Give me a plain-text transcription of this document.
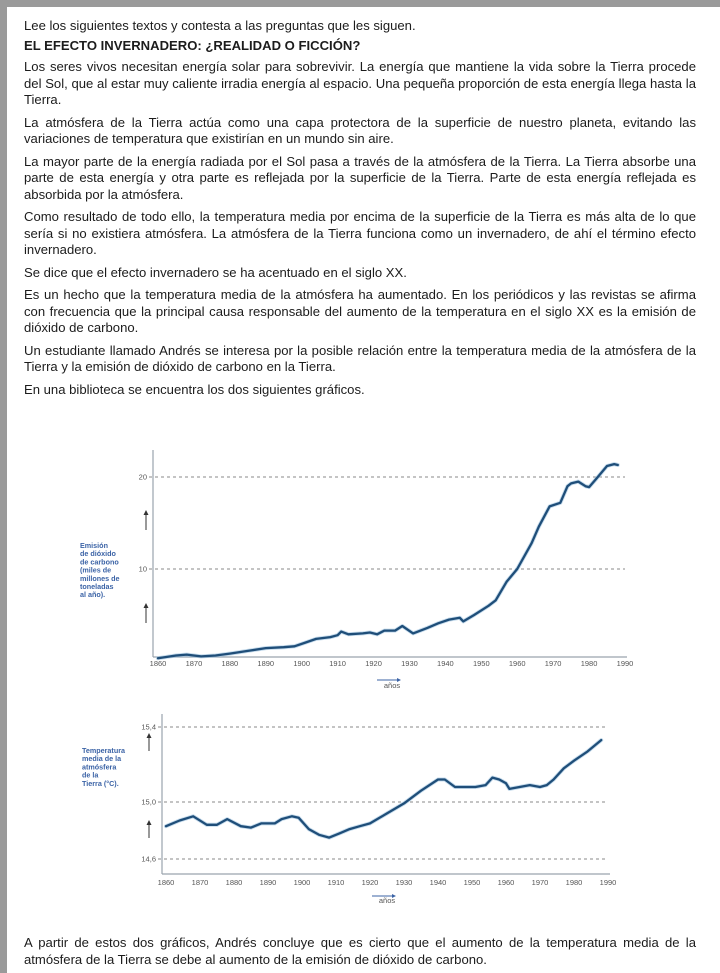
Lee los siguientes textos y contesta a las preguntas que les siguen.

EL EFECTO INVERNADERO: ¿REALIDAD O FICCIÓN?

Los seres vivos necesitan energía solar para sobrevivir. La energía que mantiene la vida sobre la Tierra procede del Sol, que al estar muy caliente irradia energía al espacio. Una pequeña proporción de esta energía llega hasta la Tierra.

La atmósfera de la Tierra actúa como una capa protectora de la superficie de nuestro planeta, evitando las variaciones de temperatura que existirían en un mundo sin aire.

La mayor parte de la energía radiada por el Sol pasa a través de la atmósfera de la Tierra. La Tierra absorbe una parte de esta energía y otra parte es reflejada por la superficie de la Tierra. Parte de esta energía reflejada es absorbida por la atmósfera.

Como resultado de todo ello, la temperatura media por encima de la superficie de la Tierra es más alta de lo que sería si no existiera atmósfera. La atmósfera de la Tierra funciona como un invernadero, de ahí el término efecto invernadero.

Se dice que el efecto invernadero se ha acentuado en el siglo XX.

Es un hecho que la temperatura media de la atmósfera ha aumentado. En los periódicos y las revistas se afirma con frecuencia que la principal causa responsable del aumento de la temperatura en el siglo XX es la emisión de dióxido de carbono.

Un estudiante llamado Andrés se interesa por la posible relación entre la temperatura media de la atmósfera de la Tierra y la emisión de dióxido de carbono en la Tierra.

En una biblioteca se encuentra los dos siguientes gráficos.

10
20
1860	1870	1880	1890	1900	1910	1920	1930	1940	1950	1960	1970	1980	1990
Emisión
de dióxido
de carbono
(miles de
millones de
toneladas
al año).
años
14,6
15,0
15,4
1860 1870 1880 1890 1900 1910 1920 1930 1940 1950 1960 1970 1980 1990
Temperatura
media de la
atmósfera
de la
Tierra (°C).
años

A partir de estos dos gráficos, Andrés concluye que es cierto que el aumento de la temperatura media de la atmósfera de la Tierra se debe al aumento de la emisión de dióxido de carbono.
